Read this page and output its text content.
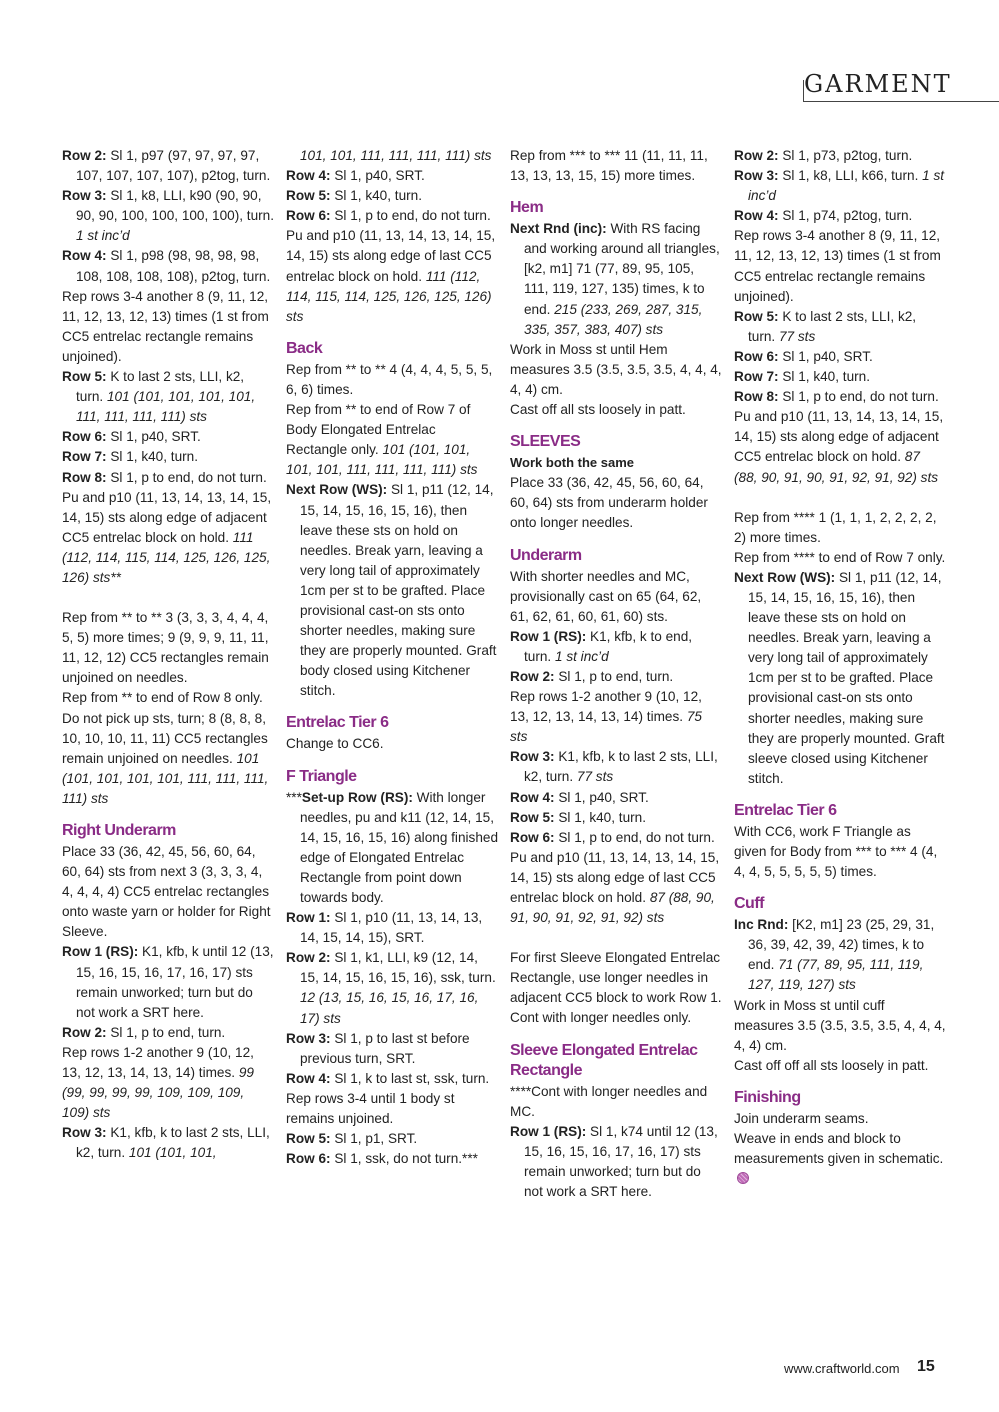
GARMENT
Row 2: Sl 1, p97 (97, 97, 97, 97, 107, 107, 107, 107), p2tog, turn.
Row 3: Sl 1, k8, LLI, k90 (90, 90, 90, 90, 100, 100, 100, 100), turn. 1 st inc’d
Row 4: Sl 1, p98 (98, 98, 98, 98, 108, 108, 108, 108), p2tog, turn.
Rep rows 3-4 another 8 (9, 11, 12, 11, 12, 13, 12, 13) times (1 st from CC5 entrelac rectangle remains unjoined).
Row 5: K to last 2 sts, LLI, k2, turn. 101 (101, 101, 101, 101, 111, 111, 111, 111) sts
Row 6: Sl 1, p40, SRT.
Row 7: Sl 1, k40, turn.
Row 8: Sl 1, p to end, do not turn.
Pu and p10 (11, 13, 14, 13, 14, 15, 14, 15) sts along edge of adjacent CC5 entrelac block on hold. 111 (112, 114, 115, 114, 125, 126, 125, 126) sts**
Rep from ** to ** 3 (3, 3, 3, 4, 4, 4, 5, 5) more times; 9 (9, 9, 9, 11, 11, 11, 12, 12) CC5 rectangles remain unjoined on needles.
Rep from ** to end of Row 8 only. Do not pick up sts, turn; 8 (8, 8, 8, 10, 10, 10, 11, 11) CC5 rectangles remain unjoined on needles. 101 (101, 101, 101, 101, 111, 111, 111, 111) sts
Right Underarm
Place 33 (36, 42, 45, 56, 60, 64, 60, 64) sts from next 3 (3, 3, 3, 4, 4, 4, 4, 4) CC5 entrelac rectangles onto waste yarn or holder for Right Sleeve.
Row 1 (RS): K1, kfb, k until 12 (13, 15, 16, 15, 16, 17, 16, 17) sts remain unworked; turn but do not work a SRT here.
Row 2: Sl 1, p to end, turn.
Rep rows 1-2 another 9 (10, 12, 13, 12, 13, 14, 13, 14) times. 99 (99, 99, 99, 99, 109, 109, 109, 109) sts
Row 3: K1, kfb, k to last 2 sts, LLI, k2, turn. 101 (101, 101,
101, 101, 111, 111, 111, 111) sts
Row 4: Sl 1, p40, SRT.
Row 5: Sl 1, k40, turn.
Row 6: Sl 1, p to end, do not turn.
Pu and p10 (11, 13, 14, 13, 14, 15, 14, 15) sts along edge of last CC5 entrelac block on hold. 111 (112, 114, 115, 114, 125, 126, 125, 126) sts
Back
Rep from ** to ** 4 (4, 4, 4, 5, 5, 5, 6, 6) times.
Rep from ** to end of Row 7 of Body Elongated Entrelac Rectangle only. 101 (101, 101, 101, 101, 111, 111, 111, 111) sts
Next Row (WS): Sl 1, p11 (12, 14, 15, 14, 15, 16, 15, 16), then leave these sts on hold on needles. Break yarn, leaving a very long tail of approximately 1cm per st to be grafted. Place provisional cast-on sts onto shorter needles, making sure they are properly mounted. Graft body closed using Kitchener stitch.
Entrelac Tier 6
Change to CC6.
F Triangle
***Set-up Row (RS): With longer needles, pu and k11 (12, 14, 15, 14, 15, 16, 15, 16) along finished edge of Elongated Entrelac Rectangle from point down towards body.
Row 1: Sl 1, p10 (11, 13, 14, 13, 14, 15, 14, 15), SRT.
Row 2: Sl 1, k1, LLI, k9 (12, 14, 15, 14, 15, 16, 15, 16), ssk, turn. 12 (13, 15, 16, 15, 16, 17, 16, 17) sts
Row 3: Sl 1, p to last st before previous turn, SRT.
Row 4: Sl 1, k to last st, ssk, turn.
Rep rows 3-4 until 1 body st remains unjoined.
Row 5: Sl 1, p1, SRT.
Row 6: Sl 1, ssk, do not turn.***
Rep from *** to *** 11 (11, 11, 11, 13, 13, 13, 15, 15) more times.
Hem
Next Rnd (inc): With RS facing and working around all triangles, [k2, m1] 71 (77, 89, 95, 105, 111, 119, 127, 135) times, k to end. 215 (233, 269, 287, 315, 335, 357, 383, 407) sts
Work in Moss st until Hem measures 3.5 (3.5, 3.5, 3.5, 4, 4, 4, 4, 4) cm.
Cast off all sts loosely in patt.
SLEEVES
Work both the same
Place 33 (36, 42, 45, 56, 60, 64, 60, 64) sts from underarm holder onto longer needles.
Underarm
With shorter needles and MC, provisionally cast on 65 (64, 62, 61, 62, 61, 60, 61, 60) sts.
Row 1 (RS): K1, kfb, k to end, turn. 1 st inc’d
Row 2: Sl 1, p to end, turn.
Rep rows 1-2 another 9 (10, 12, 13, 12, 13, 14, 13, 14) times. 75 sts
Row 3: K1, kfb, k to last 2 sts, LLI, k2, turn. 77 sts
Row 4: Sl 1, p40, SRT.
Row 5: Sl 1, k40, turn.
Row 6: Sl 1, p to end, do not turn.
Pu and p10 (11, 13, 14, 13, 14, 15, 14, 15) sts along edge of last CC5 entrelac block on hold. 87 (88, 90, 91, 90, 91, 92, 91, 92) sts
For first Sleeve Elongated Entrelac Rectangle, use longer needles in adjacent CC5 block to work Row 1. Cont with longer needles only.
Sleeve Elongated Entrelac Rectangle
****Cont with longer needles and MC.
Row 1 (RS): Sl 1, k74 until 12 (13, 15, 16, 15, 16, 17, 16, 17) sts remain unworked; turn but do not work a SRT here.
Row 2: Sl 1, p73, p2tog, turn.
Row 3: Sl 1, k8, LLI, k66, turn. 1 st inc’d
Row 4: Sl 1, p74, p2tog, turn.
Rep rows 3-4 another 8 (9, 11, 12, 11, 12, 13, 12, 13) times (1 st from CC5 entrelac rectangle remains unjoined).
Row 5: K to last 2 sts, LLI, k2, turn. 77 sts
Row 6: Sl 1, p40, SRT.
Row 7: Sl 1, k40, turn.
Row 8: Sl 1, p to end, do not turn.
Pu and p10 (11, 13, 14, 13, 14, 15, 14, 15) sts along edge of adjacent CC5 entrelac block on hold. 87 (88, 90, 91, 90, 91, 92, 91, 92) sts
Rep from **** 1 (1, 1, 1, 2, 2, 2, 2, 2) more times.
Rep from **** to end of Row 7 only.
Next Row (WS): Sl 1, p11 (12, 14, 15, 14, 15, 16, 15, 16), then leave these sts on hold on needles. Break yarn, leaving a very long tail of approximately 1cm per st to be grafted. Place provisional cast-on sts onto shorter needles, making sure they are properly mounted. Graft sleeve closed using Kitchener stitch.
Entrelac Tier 6
With CC6, work F Triangle as given for Body from *** to *** 4 (4, 4, 4, 5, 5, 5, 5, 5) times.
Cuff
Inc Rnd: [K2, m1] 23 (25, 29, 31, 36, 39, 42, 39, 42) times, k to end. 71 (77, 89, 95, 111, 119, 127, 119, 127) sts
Work in Moss st until cuff measures 3.5 (3.5, 3.5, 3.5, 4, 4, 4, 4, 4) cm.
Cast off off all sts loosely in patt.
Finishing
Join underarm seams.
Weave in ends and block to measurements given in schematic.
www.craftworld.com 15
